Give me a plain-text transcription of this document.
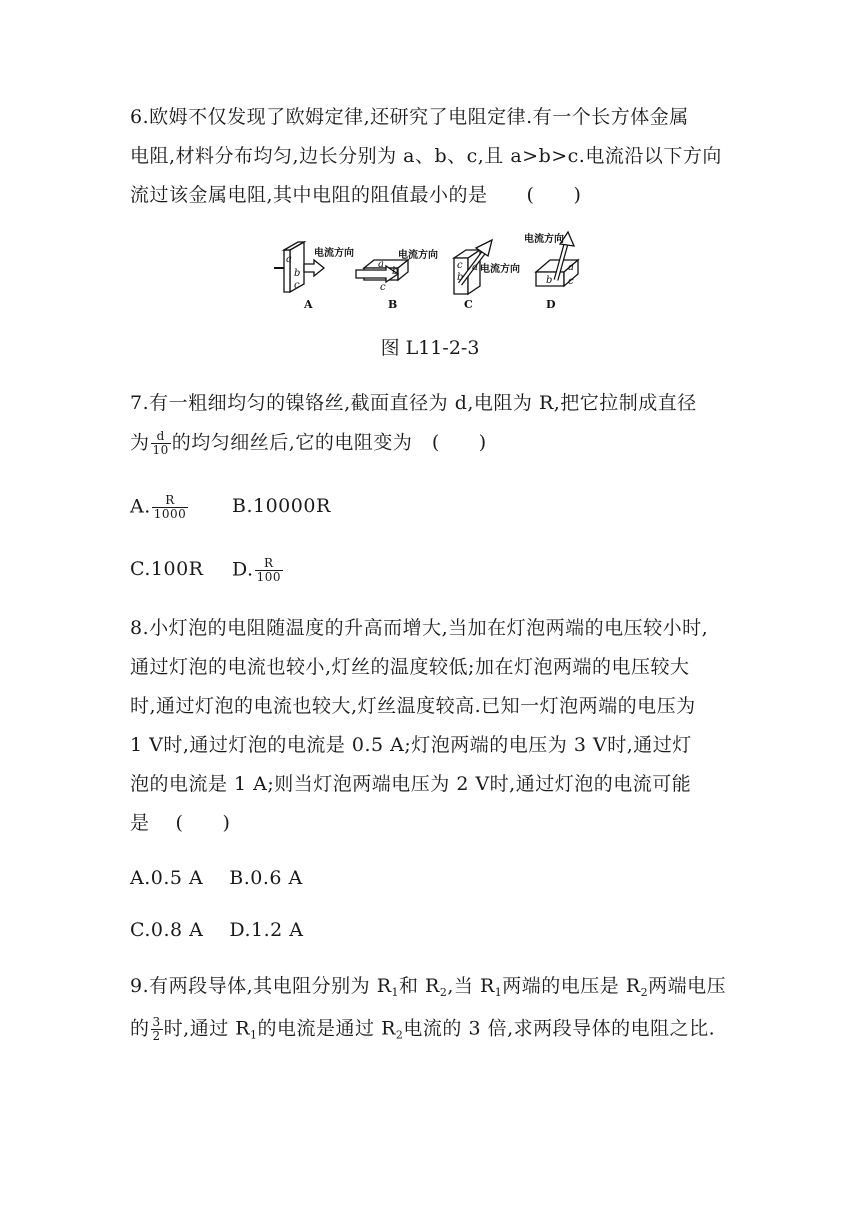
6.欧姆不仅发现了欧姆定律,还研究了电阻定律.有一个长方体金属
电阻,材料分布均匀,边长分别为 a、b、c,且 a>b>c.电流沿以下方向
流过该金属电阻,其中电阻的阻值最小的是　　(　　)
a
b
c
电流方向
A
a
b
c
电流方向
B
c
b
a 电流方向
C
a
b c
电流方向
D
图 L11-2-3
7.有一粗细均匀的镍铬丝,截面直径为 d,电阻为 R,把它拉制成直径
为 $\frac{d}{10}$ 的均匀细丝后,它的电阻变为　(　　)
A. $\frac{R}{1000} B.10000R$
C.100R D. $\frac{R}{100}$
8.小灯泡的电阻随温度的升高而增大,当加在灯泡两端的电压较小时,
通过灯泡的电流也较小,灯丝的温度较低;加在灯泡两端的电压较大
时,通过灯泡的电流也较大,灯丝温度较高.已知一灯泡两端的电压为
1 V时,通过灯泡的电流是 0.5 A;灯泡两端的电压为 3 V时,通过灯
泡的电流是 1 A;则当灯泡两端电压为 2 V时,通过灯泡的电流可能
是　 (　　)
A.0.5 A　 B.0.6 A
C.0.8 A　 D.1.2 A
9.有两段导体,其电阻分别为 $R_1$和 $R_2$,当 $R_1$两端的电压是 $R_2$两端电压
的 $\frac{3}{2}$ 时,通过 $R_1$的电流是通过 $R_2$电流的 3 倍,求两段导体的电阻之比.
